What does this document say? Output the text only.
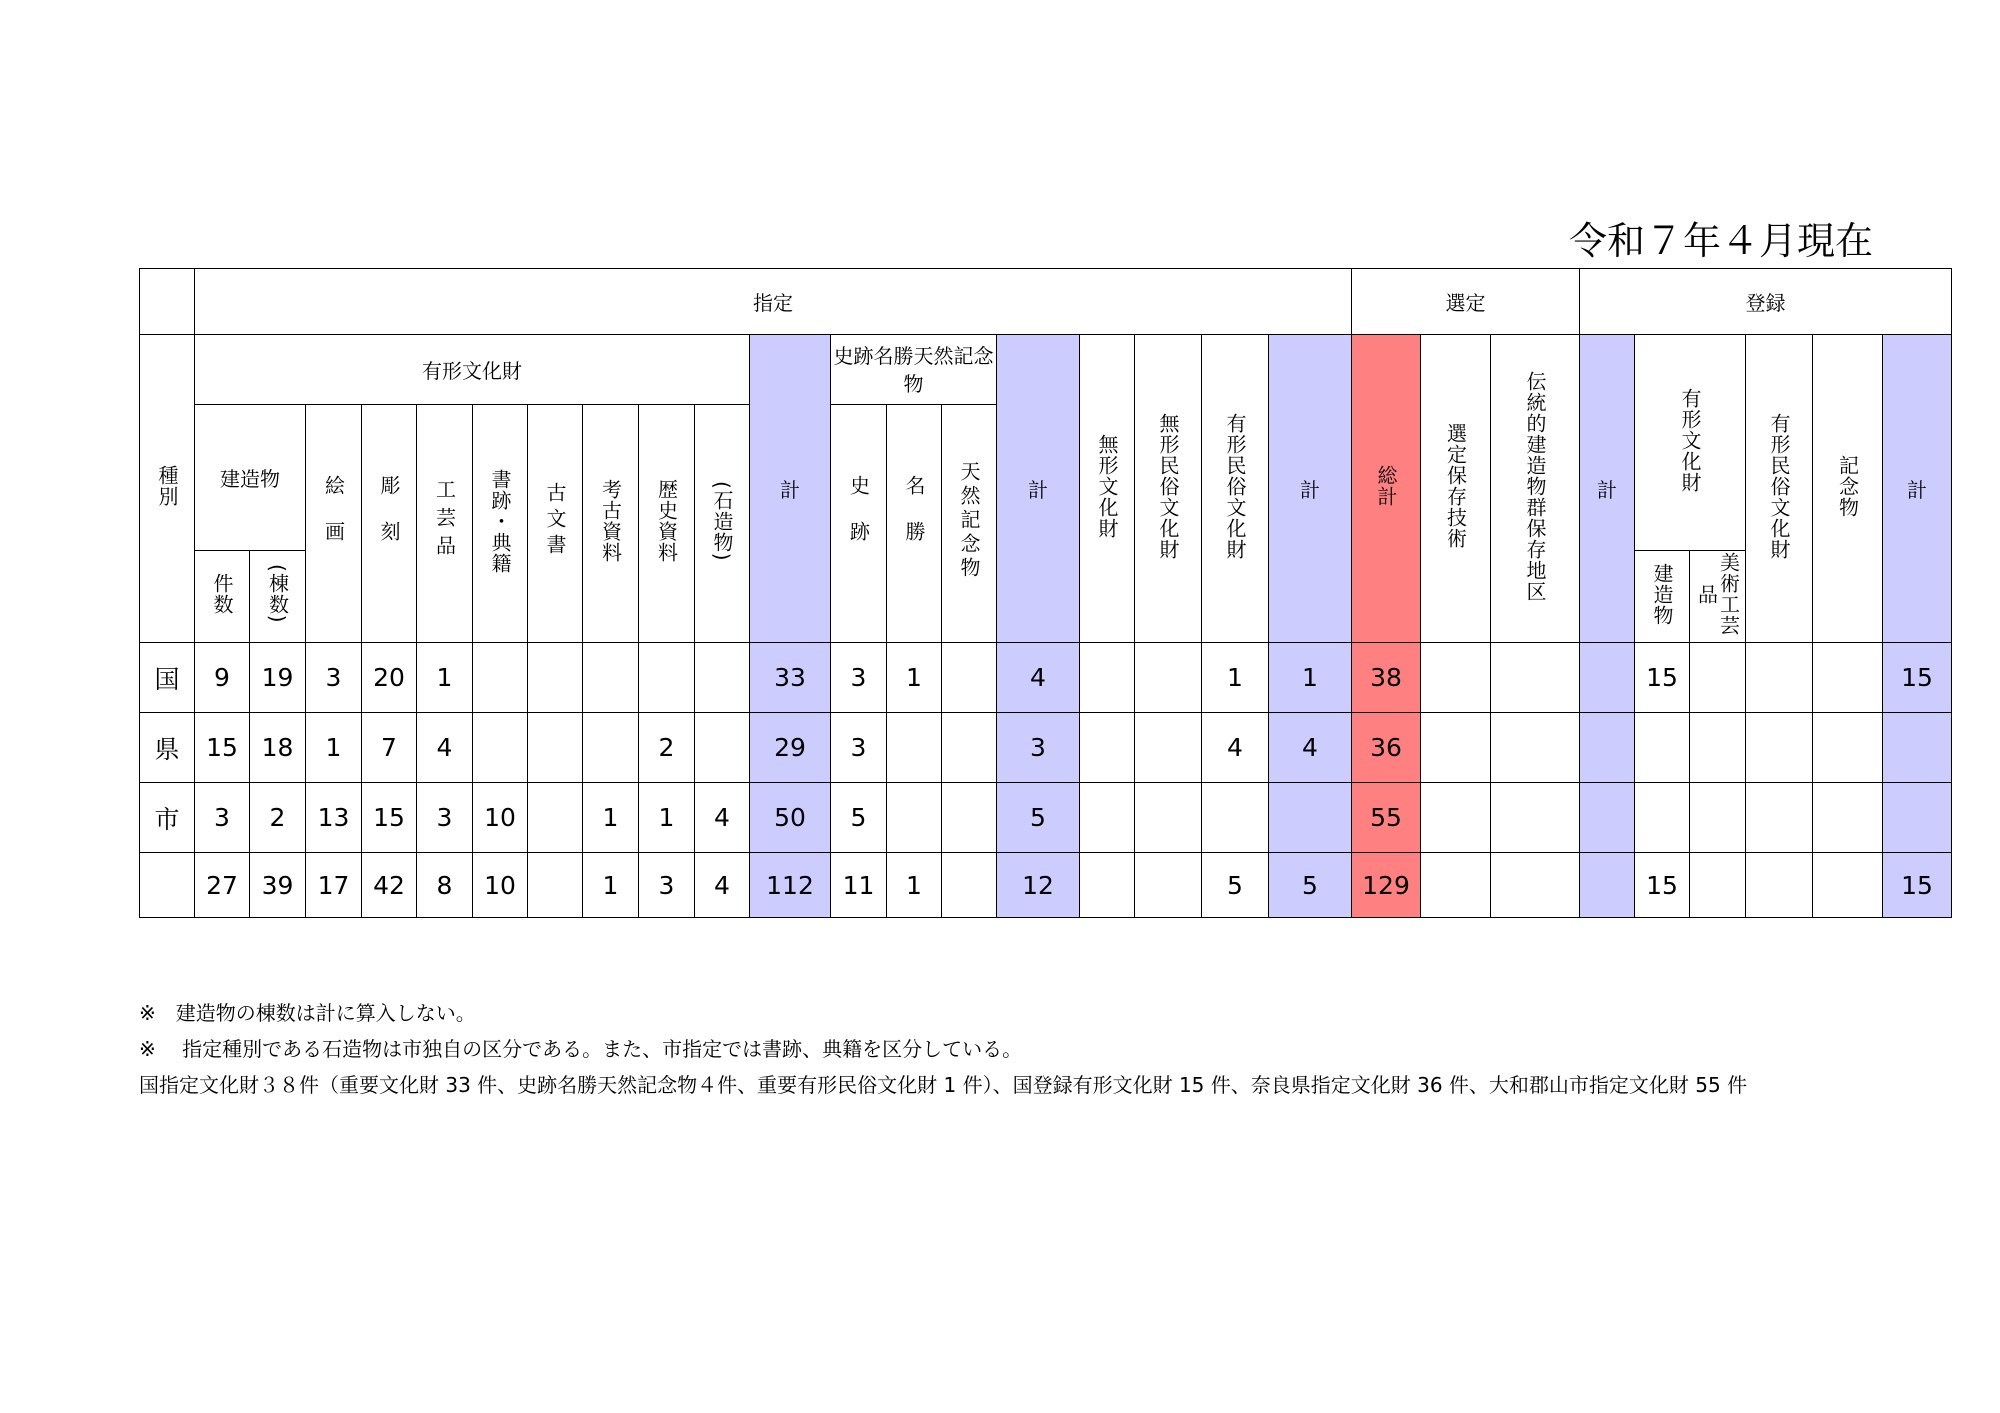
令和７年４月現在
	指定																			選定			登録					
種別	有形文化財										計	史跡名勝天然記念物			計	無形文化財	無形民俗文化財	有形民俗文化財	計	総計	選定保存技術	伝統的建造物群保存地区	計	有形文化財		有形民俗文化財	記念物	計
	建造物		絵画	彫刻	工芸品	書跡・典籍	古文書	考古資料	歴史資料	(石造物)		史跡	名勝	天然記念物														

	件数	(棟数)																						建造物	美術工芸品			
国	9	19	3	20	1						33	3	1		4			1	1	38				15				15
県	15	18	1	7	4				2		29	3			3			4	4	36								
市	3	2	13	15	3	10		1	1	4	50	5			5					55								
	27	39	17	42	8	10		1	3	4	112	11	1		12			5	5	129				15				15
※　建造物の棟数は計に算入しない。
※　 指定種別である石造物は市独自の区分である。また、市指定では書跡、典籍を区分している。
国指定文化財３８件（重要文化財 33 件、史跡名勝天然記念物４件、重要有形民俗文化財 1 件）、国登録有形文化財 15 件、奈良県指定文化財 36 件、大和郡山市指定文化財 55 件
